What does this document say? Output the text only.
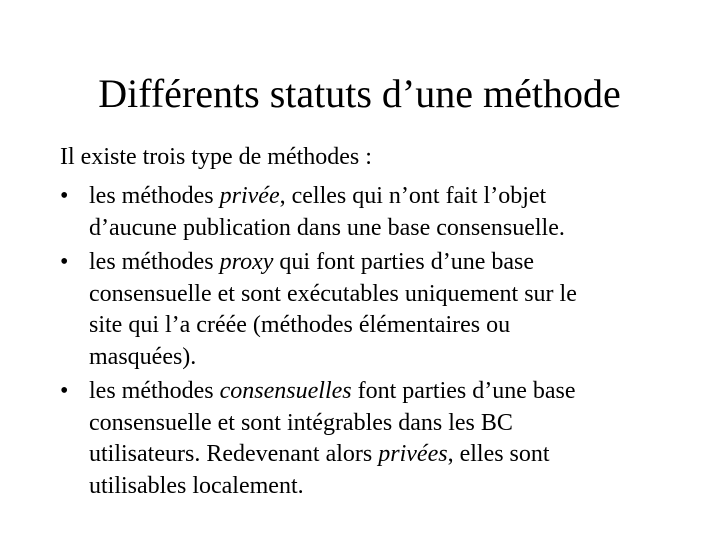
Différents statuts d’une méthode
Il existe trois type de méthodes :
• les méthodes privée, celles qui n’ont fait l’objet
d’aucune publication dans une base consensuelle.
• les méthodes proxy qui font parties d’une base
consensuelle et sont exécutables uniquement sur le
site qui l’a créée (méthodes élémentaires ou
masquées).
• les méthodes consensuelles font parties d’une base
consensuelle et sont intégrables dans les BC
utilisateurs. Redevenant alors privées, elles sont
utilisables localement.
